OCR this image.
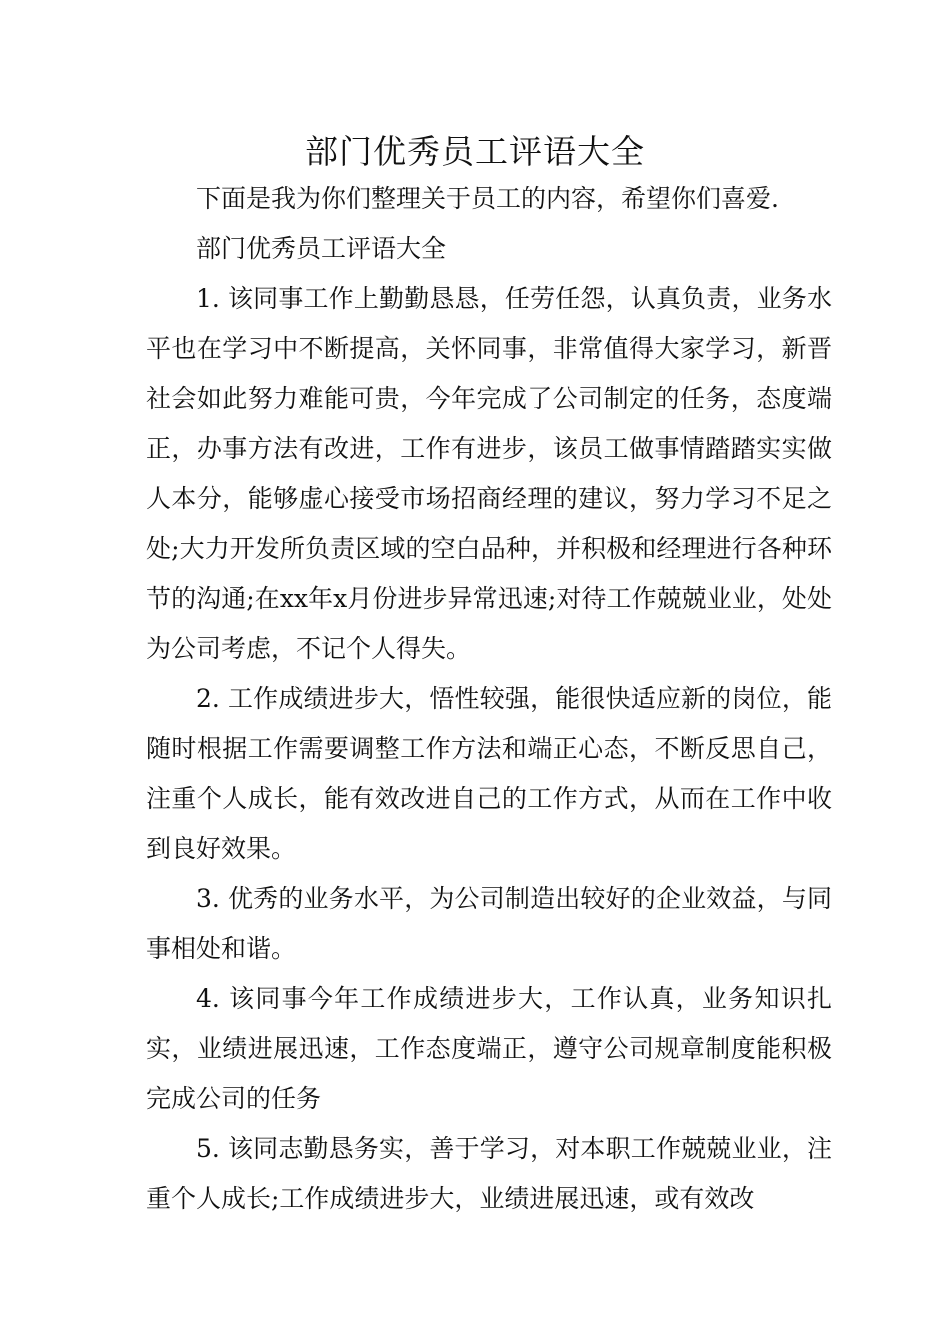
部门优秀员工评语大全

下面是我为你们整理关于员工的内容，希望你们喜爱.

部门优秀员工评语大全

1. 该同事工作上勤勤恳恳，任劳任怨，认真负责，业务水平也在学习中不断提高，关怀同事，非常值得大家学习，新晋社会如此努力难能可贵，今年完成了公司制定的任务，态度端正，办事方法有改进，工作有进步，该员工做事情踏踏实实做人本分，能够虚心接受市场招商经理的建议，努力学习不足之处;大力开发所负责区域的空白品种，并积极和经理进行各种环节的沟通;在xx年x月份进步异常迅速;对待工作兢兢业业，处处为公司考虑，不记个人得失。

2. 工作成绩进步大，悟性较强，能很快适应新的岗位，能随时根据工作需要调整工作方法和端正心态，不断反思自己，注重个人成长，能有效改进自己的工作方式，从而在工作中收到良好效果。

3. 优秀的业务水平，为公司制造出较好的企业效益，与同事相处和谐。

4. 该同事今年工作成绩进步大，工作认真，业务知识扎实，业绩进展迅速，工作态度端正，遵守公司规章制度能积极完成公司的任务

5. 该同志勤恳务实，善于学习，对本职工作兢兢业业，注重个人成长;工作成绩进步大，业绩进展迅速，或有效改
